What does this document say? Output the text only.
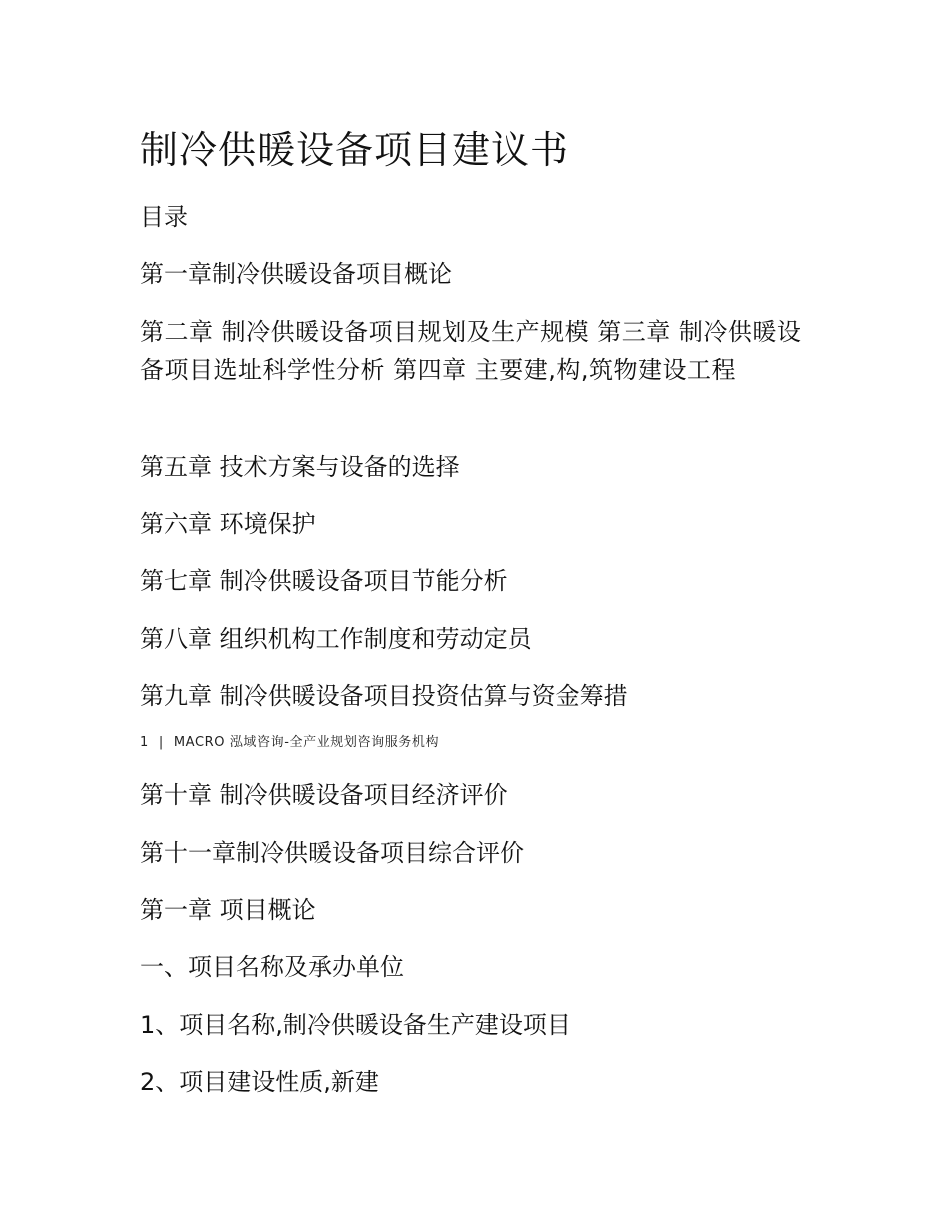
制冷供暖设备项目建议书
目录
第一章制冷供暖设备项目概论
第二章 制冷供暖设备项目规划及生产规模 第三章 制冷供暖设备项目选址科学性分析 第四章 主要建,构,筑物建设工程
第五章 技术方案与设备的选择
第六章 环境保护
第七章 制冷供暖设备项目节能分析
第八章 组织机构工作制度和劳动定员
第九章 制冷供暖设备项目投资估算与资金筹措
1 | MACRO 泓域咨询-全产业规划咨询服务机构
第十章 制冷供暖设备项目经济评价
第十一章制冷供暖设备项目综合评价
第一章 项目概论
一、项目名称及承办单位
1、项目名称,制冷供暖设备生产建设项目
2、项目建设性质,新建
